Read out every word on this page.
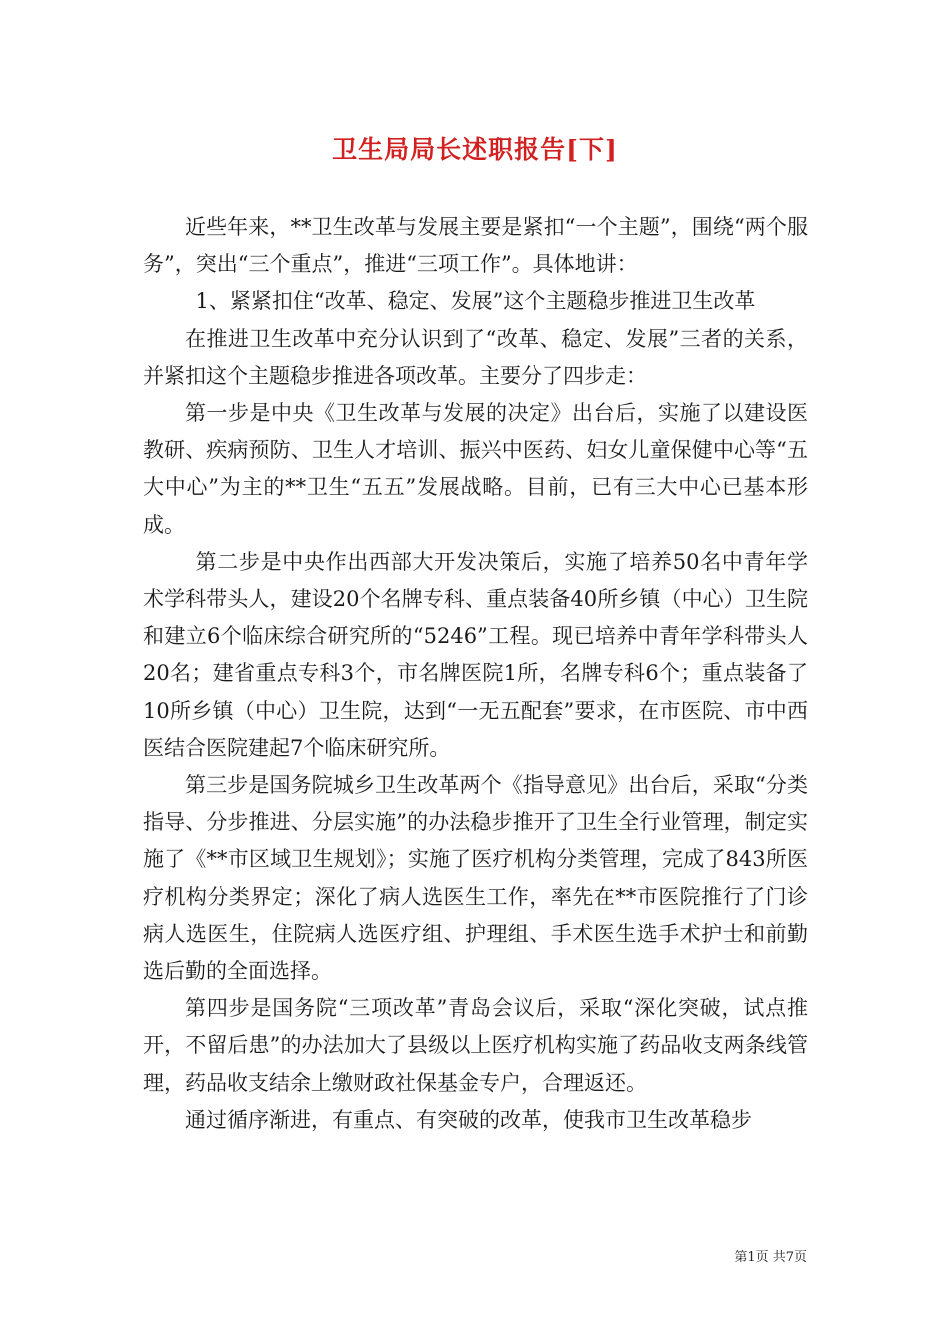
卫生局局长述职报告[下]

近些年来，**卫生改革与发展主要是紧扣“一个主题”，围绕“两个服务”，突出“三个重点”，推进“三项工作”。具体地讲：

1、紧紧扣住“改革、稳定、发展”这个主题稳步推进卫生改革

在推进卫生改革中充分认识到了“改革、稳定、发展”三者的关系，并紧扣这个主题稳步推进各项改革。主要分了四步走：

第一步是中央《卫生改革与发展的决定》出台后，实施了以建设医教研、疾病预防、卫生人才培训、振兴中医药、妇女儿童保健中心等“五大中心”为主的**卫生“五五”发展战略。目前，已有三大中心已基本形成。

第二步是中央作出西部大开发决策后，实施了培养50名中青年学术学科带头人，建设20个名牌专科、重点装备40所乡镇（中心）卫生院和建立6个临床综合研究所的“5246”工程。现已培养中青年学科带头人20名；建省重点专科3个，市名牌医院1所，名牌专科6个；重点装备了10所乡镇（中心）卫生院，达到“一无五配套”要求，在市医院、市中西医结合医院建起7个临床研究所。

第三步是国务院城乡卫生改革两个《指导意见》出台后，采取“分类指导、分步推进、分层实施”的办法稳步推开了卫生全行业管理，制定实施了《**市区域卫生规划》；实施了医疗机构分类管理，完成了843所医疗机构分类界定；深化了病人选医生工作，率先在**市医院推行了门诊病人选医生，住院病人选医疗组、护理组、手术医生选手术护士和前勤选后勤的全面选择。

第四步是国务院“三项改革”青岛会议后，采取“深化突破，试点推开，不留后患”的办法加大了县级以上医疗机构实施了药品收支两条线管理，药品收支结余上缴财政社保基金专户，合理返还。

通过循序渐进，有重点、有突破的改革，使我市卫生改革稳步

第1页 共7页
